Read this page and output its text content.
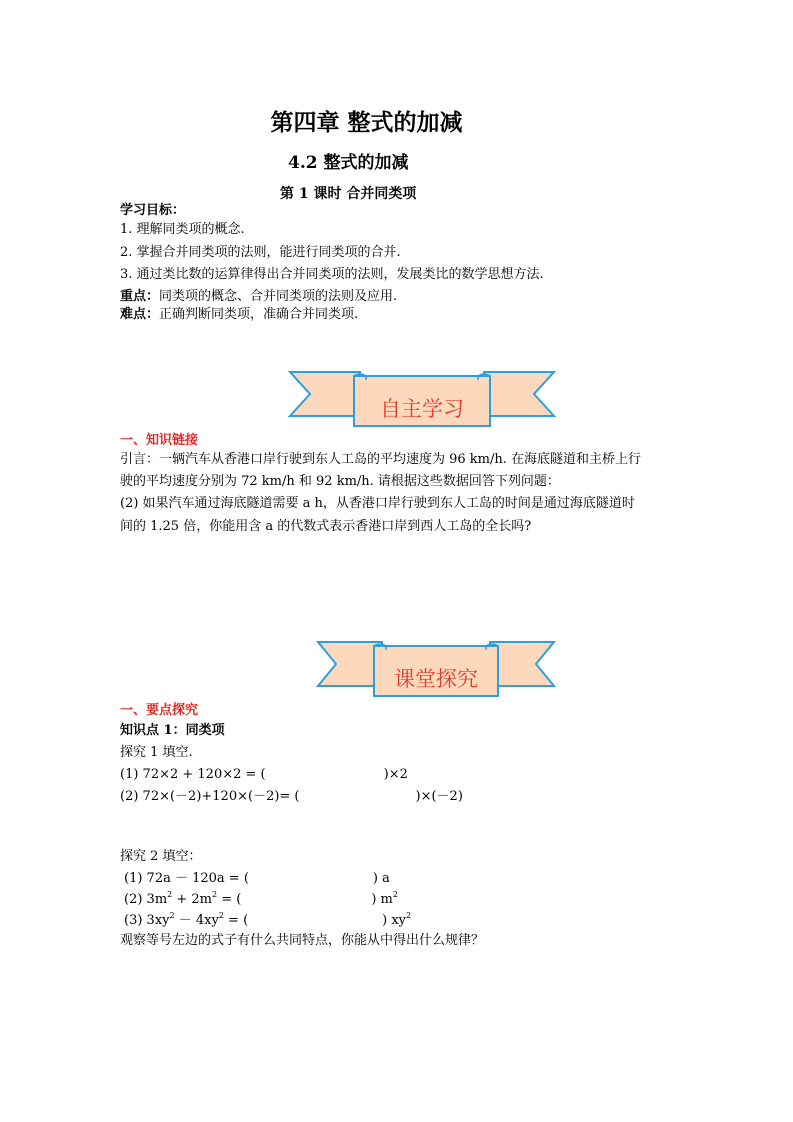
第四章 整式的加减
4.2 整式的加减
第 1 课时 合并同类项
学习目标：
1. 理解同类项的概念.
2. 掌握合并同类项的法则，能进行同类项的合并.
3. 通过类比数的运算律得出合并同类项的法则，发展类比的数学思想方法.
重点：同类项的概念、合并同类项的法则及应用.
难点：正确判断同类项，准确合并同类项.
自主学习
一、知识链接
引言：一辆汽车从香港口岸行驶到东人工岛的平均速度为 96 km/h. 在海底隧道和主桥上行
驶的平均速度分别为 72 km/h 和 92 km/h. 请根据这些数据回答下列问题：
(2) 如果汽车通过海底隧道需要 a h，从香港口岸行驶到东人工岛的时间是通过海底隧道时
间的 1.25 倍，你能用含 a 的代数式表示香港口岸到西人工岛的全长吗?
课堂探究
一、要点探究
知识点 1：同类项
探究 1 填空.
(1) 72×2 + 120×2 = (	)×2
(2) 72×(－2)+120×(－2)= (	)×(－2)
探究 2 填空：
(1) 72a － 120a = (	) a
(2) $3m^2 + 2m^2$ = (	) $m^2$
(3) $3xy^2 - 4xy^2$ = (	) $xy^2$
观察等号左边的式子有什么共同特点，你能从中得出什么规律？
